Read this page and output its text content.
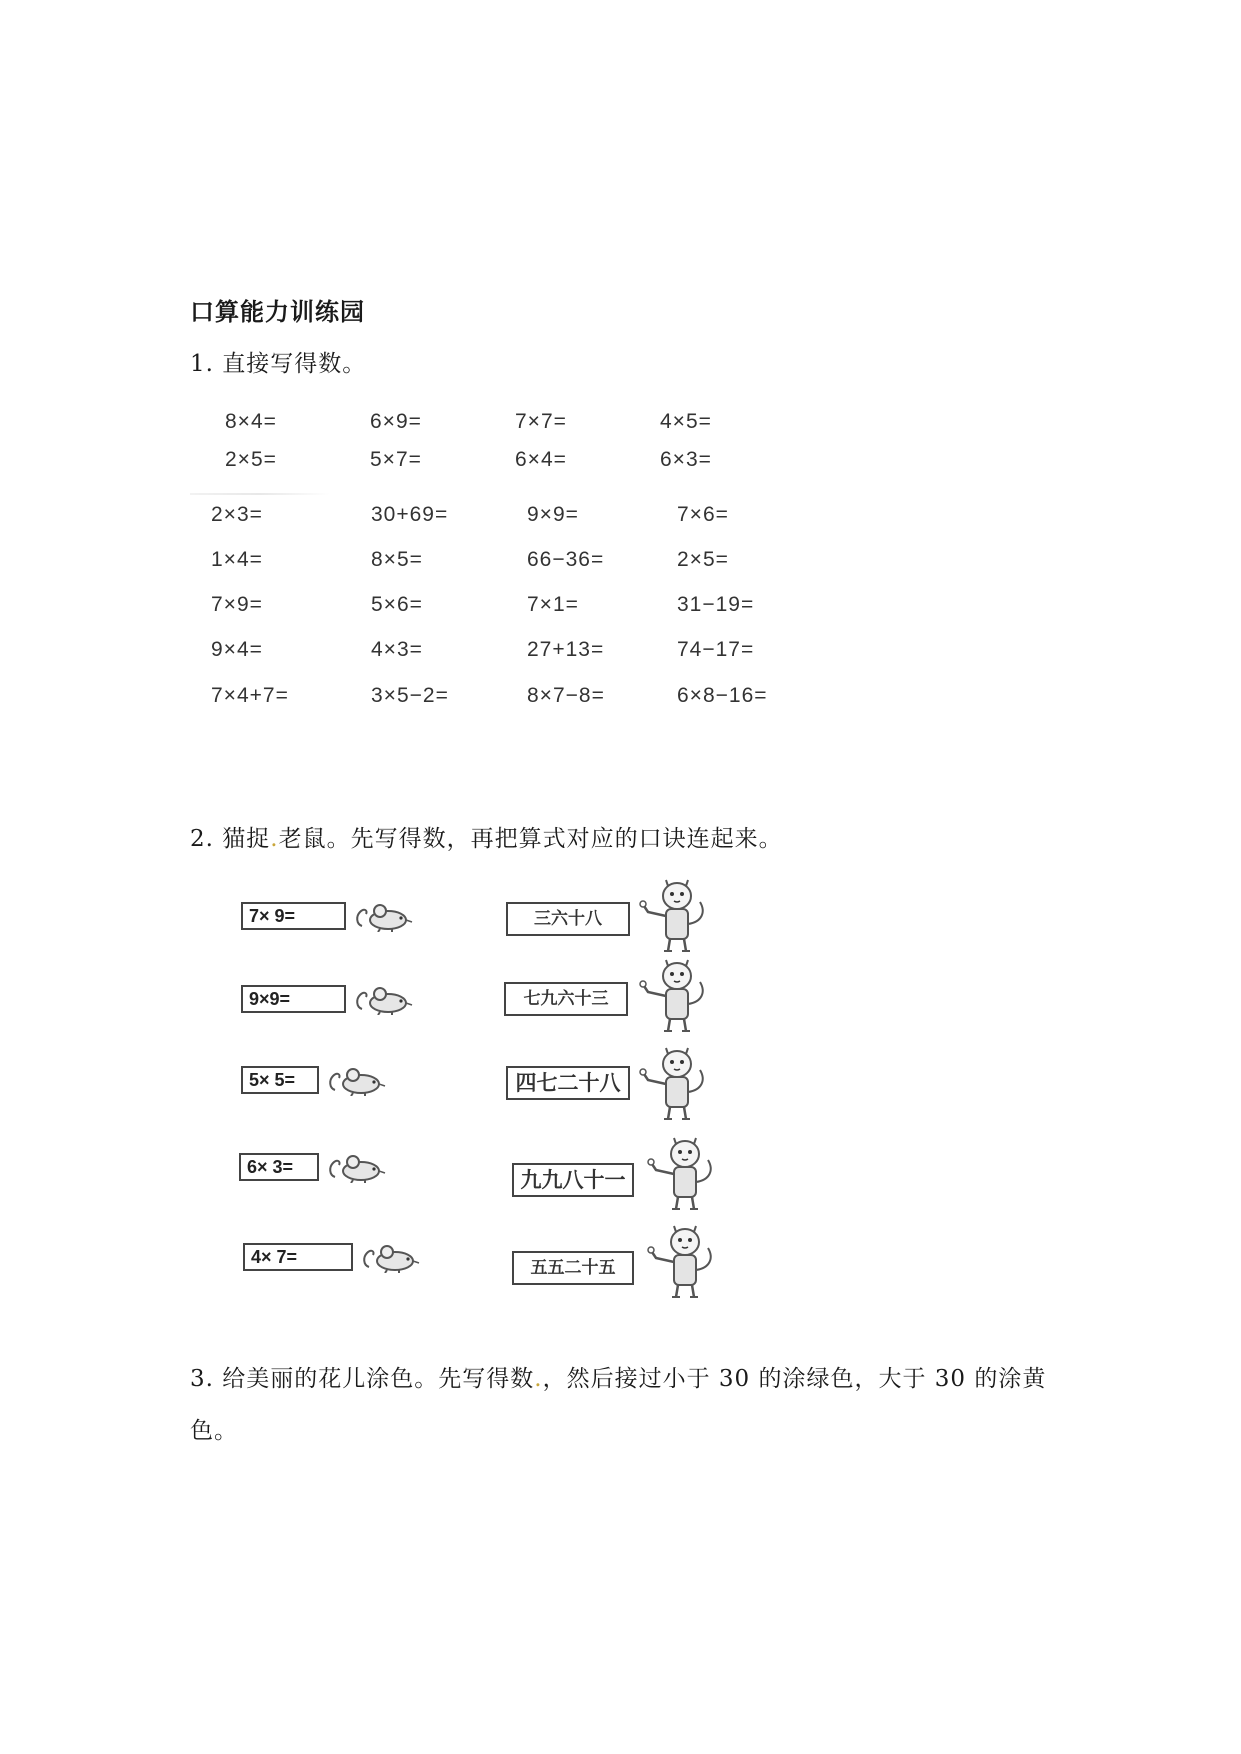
口算能力训练园
1. 直接写得数。
8×4=	6×9=	7×7=	4×5=
2×5=	5×7=	6×4=	6×3=
2×3=	30+69=	9×9=	7×6=
1×4=	8×5=	66−36=	2×5=
7×9=	5×6=	7×1=	31−19=
9×4=	4×3=	27+13=	74−17=
7×4+7=	3×5−2=	8×7−8=	6×8−16=
2. 猫捉.老鼠。先写得数，再把算式对应的口诀连起来。
7× 9=
9×9=
5× 5=
6× 3=
4× 7=
三六十八
七九六十三
四七二十八
九九八十一
五五二十五
3. 给美丽的花儿涂色。先写得数.，然后接过小于 30 的涂绿色，大于 30 的涂黄
色。
